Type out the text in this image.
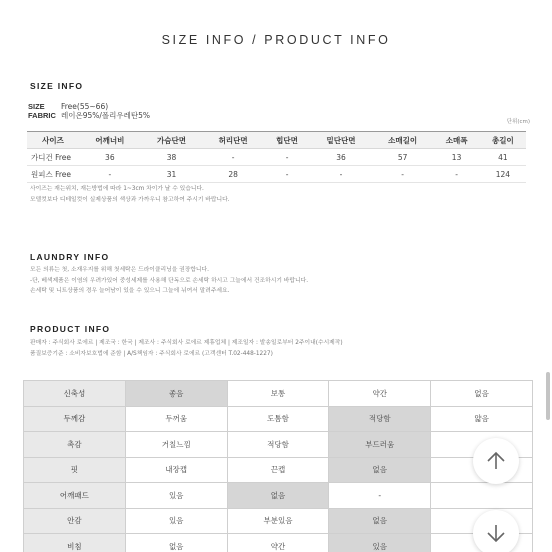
SIZE INFO / PRODUCT INFO
SIZE INFO
SIZE Free(55~66)
FABRIC 레이온95%/폴리우레탄5%
단위(cm)
사이즈	어깨너비	가슴단면	허리단면	힙단면	밑단단면	소매길이	소매폭	총길이
가디건 Free	36	38	-	-	36	57	13	41
원피스 Free	-	31	28	-	-	-	-	124
사이즈는 재는위치, 재는방법에 따라 1~3cm 차이가 날 수 있습니다.
모델컷보다 디테일컷이 실제상품의 색상과 가까우니 참고하여 주시기 바랍니다.
LAUNDRY INFO
모든 의류는 첫, 소재우지를 위해 첫세탁은 드라이클리닝을 권장합니다.
-단, 베색제품은 이염의 우려가있어 중성세제를 사용해 단독으로 손세탁 하시고 그늘에서 건조하시기 바랍니다.
손세탁 및 니트상품의 경우 늘어남이 있을 수 있으니 그늘에 뉘여서 말려주세요.
PRODUCT INFO
판매자 : 주식회사 로에르 | 제조국 : 한국 | 제조사 : 주식회사 로에르 제휴업체 | 제조일자 : 발송일로부터 2주이내(수시제작)
품질보증기준 : 소비자보호법에 준함 | A/S책임자 : 주식회사 로에르 (고객센터 T.02-448-1227)
신축성	좋음	보통	약간	없음
두께감	두꺼움	도톰함	적당함	얇음
촉감	거칠느낌	적당함	부드러움	
핏	내장캡	끈캡	없음	
어깨패드	있음	없음	-	
안감	있음	부분있음	없음	
비침	없음	약간	있음	
